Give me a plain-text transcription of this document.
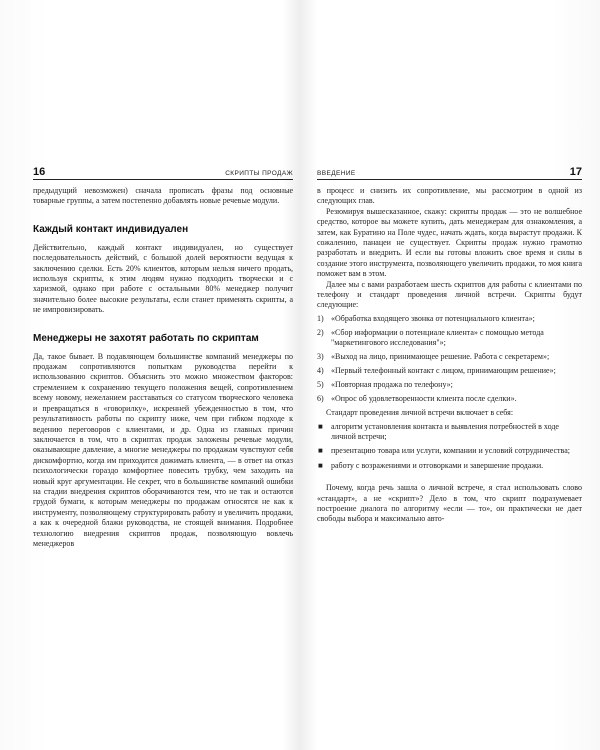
16	СКРИПТЫ ПРОДАЖ

предыдущий невозможен) сначала прописать фразы под основные товарные группы, а затем постепенно добавлять новые речевые модули.

Каждый контакт индивидуален

Действительно, каждый контакт индивидуален, но существует последовательность действий, с большой долей вероятности ведущая к заключению сделки. Есть 20% клиентов, которым нельзя ничего продать, используя скрипты, к этим людям нужно подходить творчески и с харизмой, однако при работе с остальными 80% менеджер получит значительно более высокие результаты, если станет применять скрипты, а не импровизировать.

Менеджеры не захотят работать по скриптам

Да, такое бывает. В подавляющем большинстве компаний менеджеры по продажам сопротивляются попыткам руководства перейти к использованию скриптов. Объяснить это можно множеством факторов: стремлением к сохранению текущего положения вещей, сопротивлением всему новому, нежеланием расставаться со статусом творческого человека и превращаться в «говорилку», искренней убежденностью в том, что результативность работы по скрипту ниже, чем при гибком подходе к ведению переговоров с клиентами, и др. Одна из главных причин заключается в том, что в скриптах продаж заложены речевые модули, оказывающие давление, а многие менеджеры по продажам чувствуют себя дискомфортно, когда им приходится дожимать клиента, — в ответ на отказ психологически гораздо комфортнее повесить трубку, чем заходить на новый круг аргументации. Не секрет, что в большинстве компаний ошибки на стадии внедрения скриптов оборачиваются тем, что не так и остаются грудой бумаги, к которым менеджеры по продажам относятся не как к инструменту, позволяющему структурировать работу и увеличить продажи, а как к очередной блажи руководства, не стоящей внимания. Подробнее технологию внедрения скриптов продаж, позволяющую вовлечь менеджеров

ВВЕДЕНИЕ	17

в процесс и снизить их сопротивление, мы рассмотрим в одной из следующих глав.

Резюмируя вышесказанное, скажу: скрипты продаж — это не волшебное средство, которое вы можете купить, дать менеджерам для ознакомления, а затем, как Буратино на Поле чудес, начать ждать, когда вырастут продажи. К сожалению, панацеи не существует. Скрипты продаж нужно грамотно разработать и внедрить. И если вы готовы вложить свое время и силы в создание этого инструмента, позволяющего увеличить продажи, то моя книга поможет вам в этом.

Далее мы с вами разработаем шесть скриптов для работы с клиентами по телефону и стандарт проведения личной встречи. Скрипты будут следующие:

1) «Обработка входящего звонка от потенциального клиента»;
2) «Сбор информации о потенциале клиента» с помощью метода "маркетингового исследования"»;
3) «Выход на лицо, принимающее решение. Работа с секретарем»;
4) «Первый телефонный контакт с лицом, принимающим решение»;
5) «Повторная продажа по телефону»;
6) «Опрос об удовлетворенности клиента после сделки».

Стандарт проведения личной встречи включает в себя:

■ алгоритм установления контакта и выявления потребностей в ходе личной встречи;
■ презентацию товара или услуги, компании и условий сотрудничества;
■ работу с возражениями и отговорками и завершение продажи.

Почему, когда речь зашла о личной встрече, я стал использовать слово «стандарт», а не «скрипт»? Дело в том, что скрипт подразумевает построение диалога по алгоритму «если — то», он практически не дает свободы выбора и максимально авто-
